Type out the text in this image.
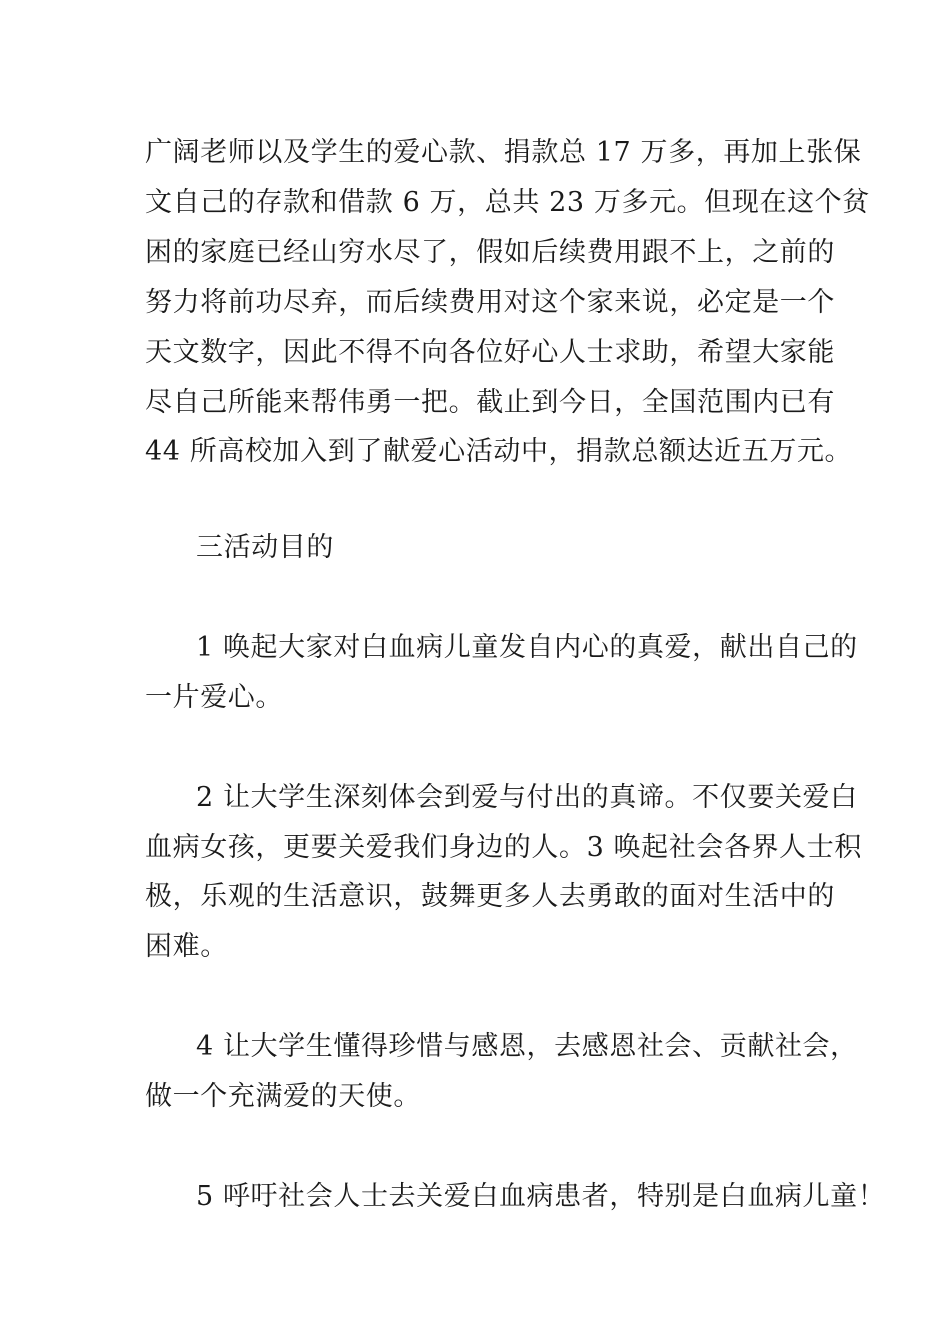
广阔老师以及学生的爱心款、捐款总 17 万多，再加上张保
文自己的存款和借款 6 万，总共 23 万多元。但现在这个贫
困的家庭已经山穷水尽了，假如后续费用跟不上，之前的
努力将前功尽弃，而后续费用对这个家来说，必定是一个
天文数字，因此不得不向各位好心人士求助，希望大家能
尽自己所能来帮伟勇一把。截止到今日，全国范围内已有
44 所高校加入到了献爱心活动中，捐款总额达近五万元。
三活动目的
1 唤起大家对白血病儿童发自内心的真爱，献出自己的
一片爱心。
2 让大学生深刻体会到爱与付出的真谛。不仅要关爱白
血病女孩，更要关爱我们身边的人。3 唤起社会各界人士积
极，乐观的生活意识，鼓舞更多人去勇敢的面对生活中的
困难。
4 让大学生懂得珍惜与感恩，去感恩社会、贡献社会，
做一个充满爱的天使。
5 呼吁社会人士去关爱白血病患者，特别是白血病儿童！
